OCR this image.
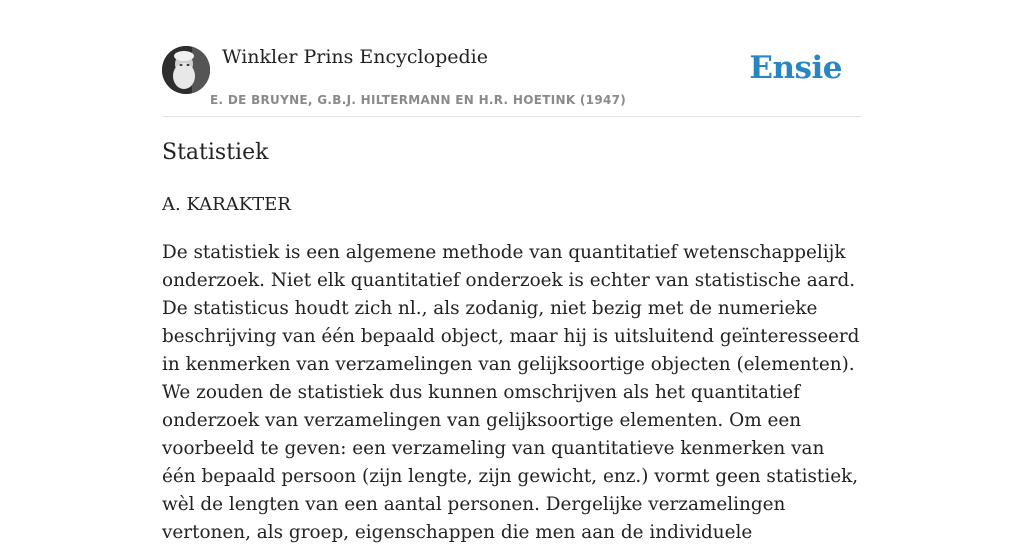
Winkler Prins Encyclopedie
E. DE BRUYNE, G.B.J. HILTERMANN EN H.R. HOETINK (1947)
Ensie
Statistiek
A. KARAKTER

De statistiek is een algemene methode van quantitatief wetenschappelijk onderzoek. Niet elk quantitatief onderzoek is echter van statistische aard. De statisticus houdt zich nl., als zodanig, niet bezig met de numerieke beschrijving van één bepaald object, maar hij is uitsluitend geïnteresseerd in kenmerken van verzamelingen van gelijksoortige objecten (elementen). We zouden de statistiek dus kunnen omschrijven als het quantitatief onderzoek van verzamelingen van gelijksoortige elementen. Om een voorbeeld te geven: een verzameling van quantitatieve kenmerken van één bepaald persoon (zijn lengte, zijn gewicht, enz.) vormt geen statistiek, wèl de lengten van een aantal personen. Dergelijke verzamelingen vertonen, als groep, eigenschappen die men aan de individuele
